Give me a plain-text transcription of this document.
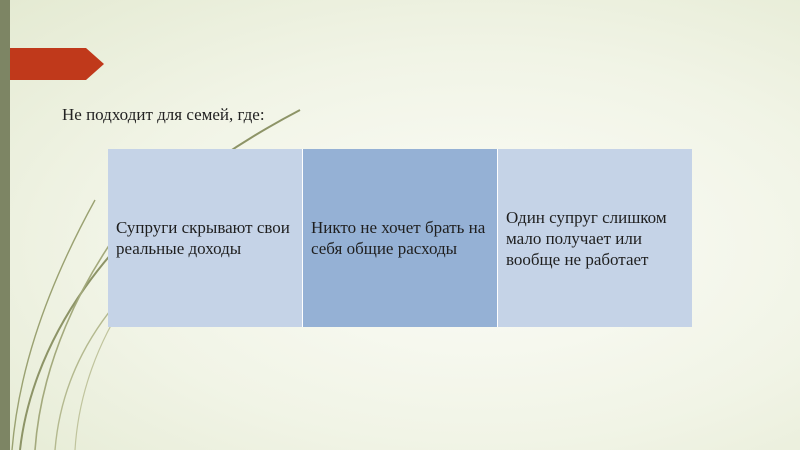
Не подходит для семей, где:

Супруги скрывают свои реальные доходы
Никто не хочет брать на себя общие расходы
Один супруг слишком мало получает или вообще не работает
